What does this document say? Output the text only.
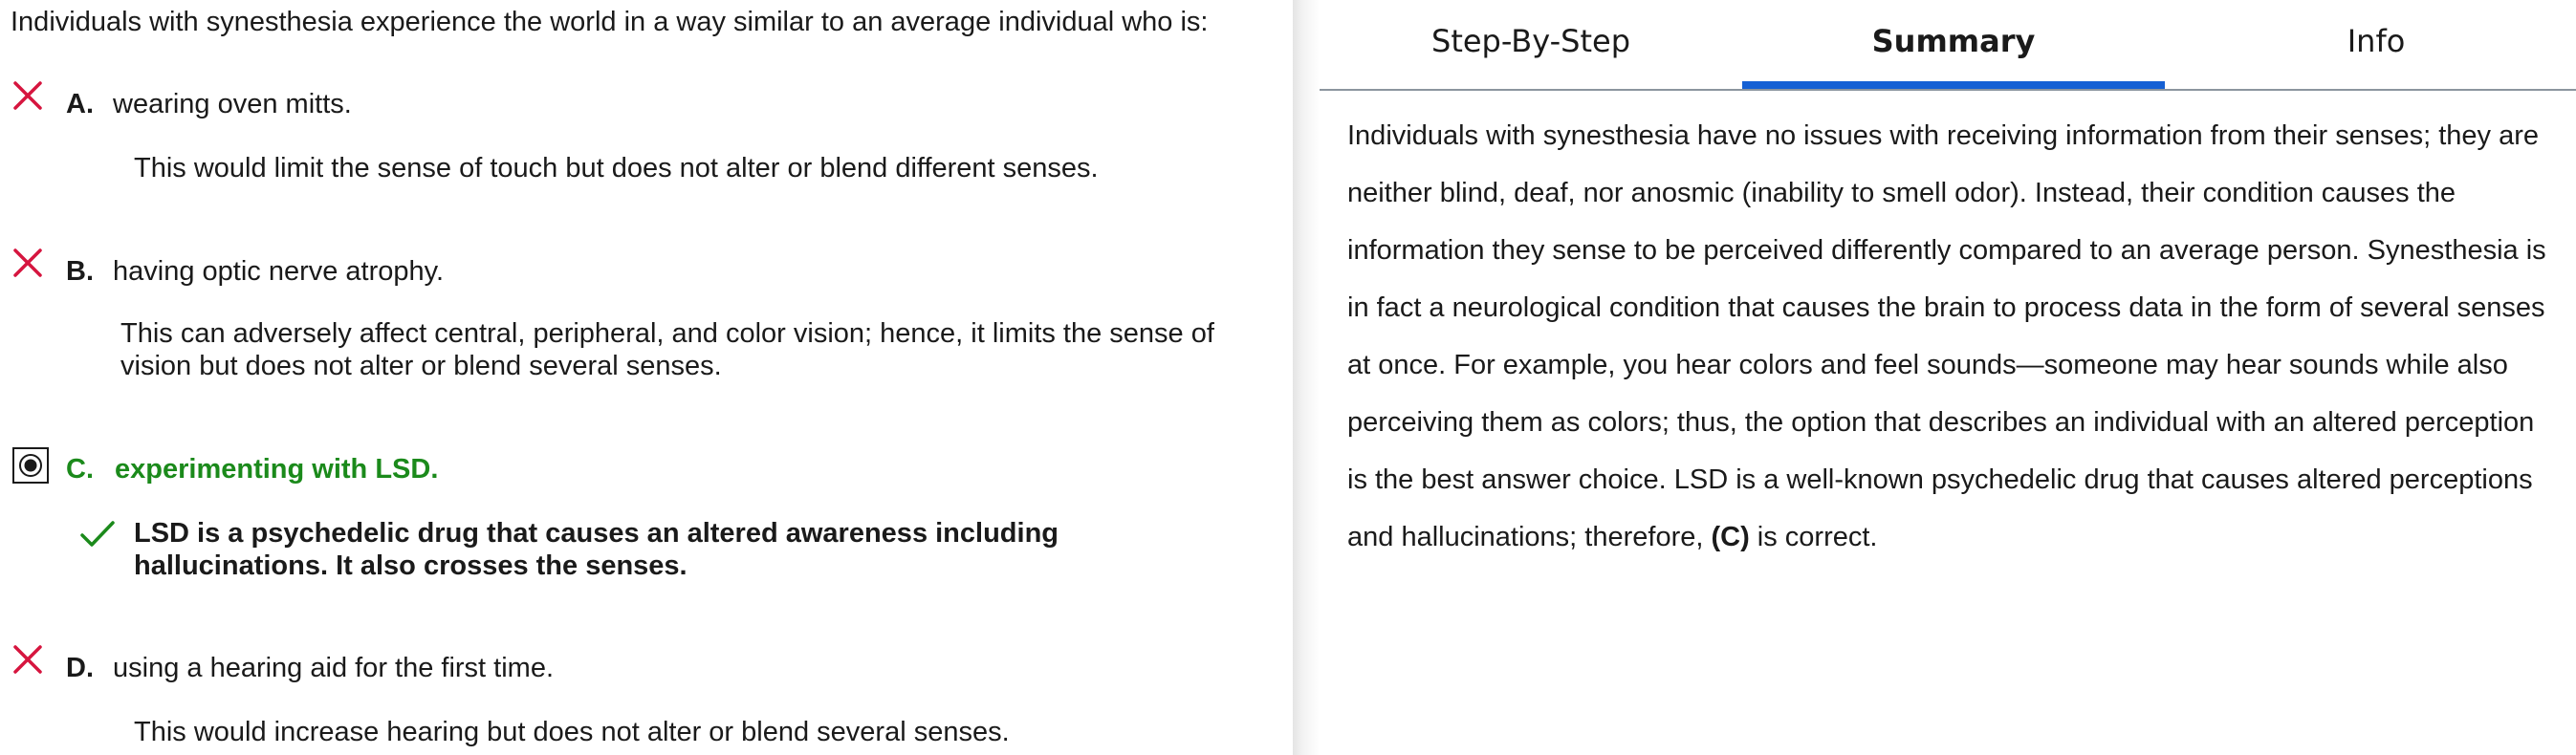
Individuals with synesthesia experience the world in a way similar to an average individual who is:
A. wearing oven mitts.
This would limit the sense of touch but does not alter or blend different senses.
B. having optic nerve atrophy.
This can adversely affect central, peripheral, and color vision; hence, it limits the sense of
vision but does not alter or blend several senses.
C. experimenting with LSD.
LSD is a psychedelic drug that causes an altered awareness including
hallucinations. It also crosses the senses.
D. using a hearing aid for the first time.
This would increase hearing but does not alter or blend several senses.
Step-By-Step	Summary	Info
Individuals with synesthesia have no issues with receiving information from their senses; they are neither blind, deaf, nor anosmic (inability to smell odor). Instead, their condition causes the information they sense to be perceived differently compared to an average person. Synesthesia is in fact a neurological condition that causes the brain to process data in the form of several senses at once. For example, you hear colors and feel sounds—someone may hear sounds while also perceiving them as colors; thus, the option that describes an individual with an altered perception is the best answer choice. LSD is a well-known psychedelic drug that causes altered perceptions and hallucinations; therefore, (C) is correct.
